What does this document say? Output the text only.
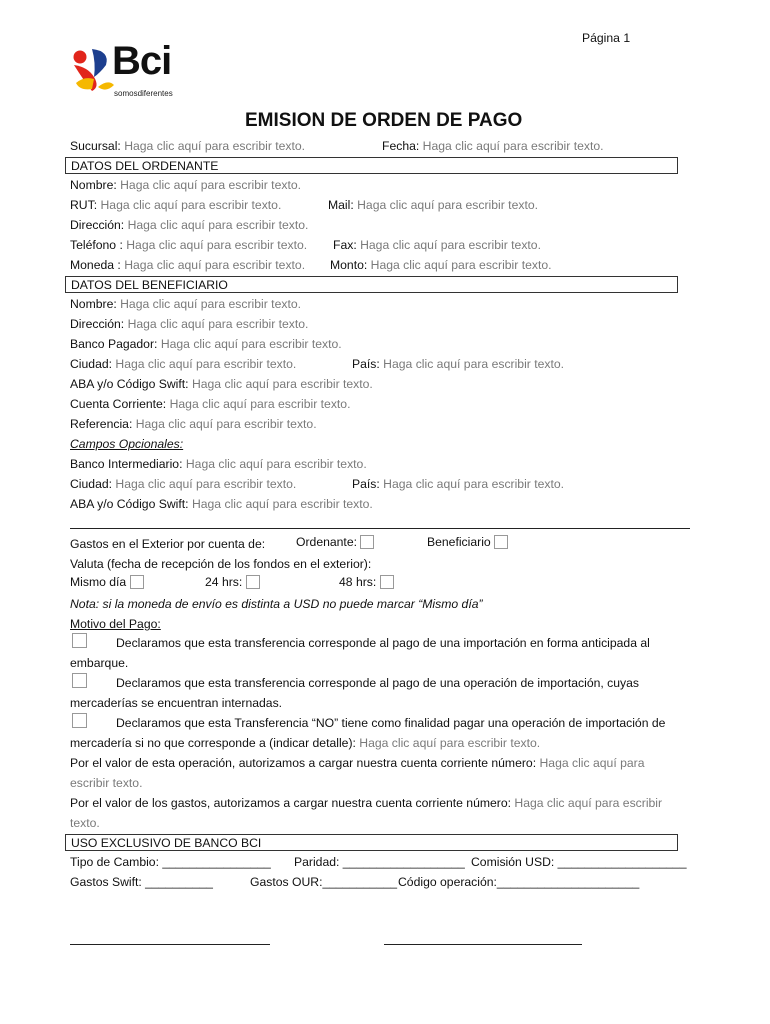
Página 1
Bci
somosdiferentes
EMISION DE ORDEN DE PAGO
Sucursal: Haga clic aquí para escribir texto.	Fecha: Haga clic aquí para escribir texto.
DATOS DEL ORDENANTE
Nombre: Haga clic aquí para escribir texto.
RUT: Haga clic aquí para escribir texto.	Mail: Haga clic aquí para escribir texto.
Dirección: Haga clic aquí para escribir texto.
Teléfono : Haga clic aquí para escribir texto. Fax: Haga clic aquí para escribir texto.
Moneda : Haga clic aquí para escribir texto. Monto: Haga clic aquí para escribir texto.
DATOS DEL BENEFICIARIO
Nombre: Haga clic aquí para escribir texto.
Dirección: Haga clic aquí para escribir texto.
Banco Pagador: Haga clic aquí para escribir texto.
Ciudad: Haga clic aquí para escribir texto.	País: Haga clic aquí para escribir texto.
ABA y/o Código Swift: Haga clic aquí para escribir texto.
Cuenta Corriente: Haga clic aquí para escribir texto.
Referencia: Haga clic aquí para escribir texto.
Campos Opcionales:
Banco Intermediario: Haga clic aquí para escribir texto.
Ciudad: Haga clic aquí para escribir texto.	País: Haga clic aquí para escribir texto.
ABA y/o Código Swift: Haga clic aquí para escribir texto.
Gastos en el Exterior por cuenta de:	Ordenante:	Beneficiario
Valuta (fecha de recepción de los fondos en el exterior):
Mismo día	24 hrs:	48 hrs:
Nota: si la moneda de envío es distinta a USD no puede marcar “Mismo día”
Motivo del Pago:
Declaramos que esta transferencia corresponde al pago de una importación en forma anticipada al
embarque.
Declaramos que esta transferencia corresponde al pago de una operación de importación, cuyas
mercaderías se encuentran internadas.
Declaramos que esta Transferencia “NO” tiene como finalidad pagar una operación de importación de
mercadería si no que corresponde a (indicar detalle): Haga clic aquí para escribir texto.
Por el valor de esta operación, autorizamos a cargar nuestra cuenta corriente número: Haga clic aquí para
escribir texto.
Por el valor de los gastos, autorizamos a cargar nuestra cuenta corriente número: Haga clic aquí para escribir
texto.
USO EXCLUSIVO DE BANCO BCI
Tipo de Cambio: ________________ Paridad: __________________ Comisión USD: ___________________
Gastos Swift: __________	Gastos OUR:___________ Código operación:_____________________
